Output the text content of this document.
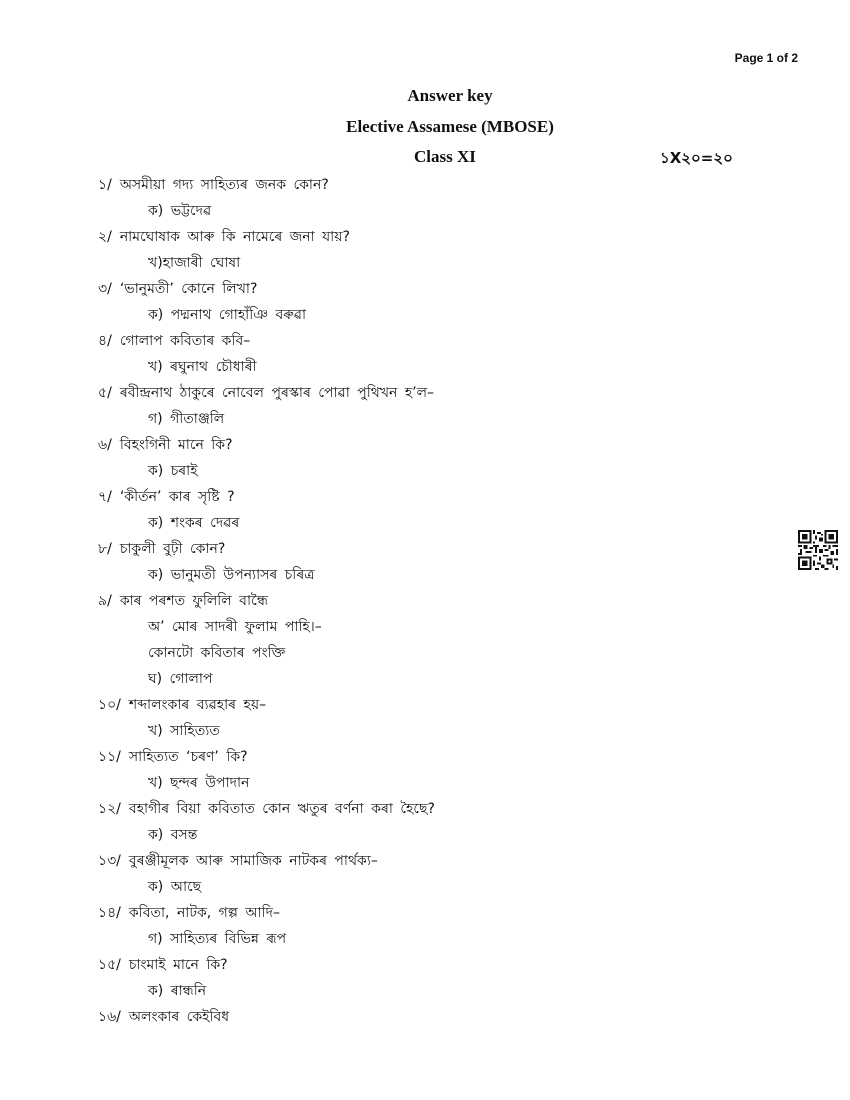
Page 1 of 2
Answer key
Elective Assamese (MBOSE)
Class XI	১X২০=২০
১/ অসমীয়া গদ্য সাহিত্যৰ জনক কোন?
ক) ভট্টদেৱ
২/ নামঘোষাক আৰু কি নামেৰে জনা যায়?
খ)হাজাৰী ঘোষা
৩/ ‘ভানুমতী’ কোনে লিখা?
ক) পদ্মনাথ গোহাঁঞি বৰুৱা
৪/ গোলাপ কবিতাৰ কবি–
খ) ৰঘুনাথ চৌধাৰী
৫/ ৰবীন্দ্ৰনাথ ঠাকুৰে নোবেল পুৰস্কাৰ পোৱা পুথিখন হ’ল–
গ) গীতাঞ্জলি
৬/ বিহংগিনী মানে কি?
ক) চৰাই
৭/ ‘কীৰ্তন’ কাৰ সৃষ্টি ?
ক) শংকৰ দেৱৰ
৮/ চাকুলী বুঢ়ী কোন?
ক) ভানুমতী উপন্যাসৰ চৰিত্ৰ
৯/ কাৰ পৰশত ফুলিলি বান্ধৈ
অ’ মোৰ সাদৰী ফুলাম পাহি।–
কোনটো কবিতাৰ পংক্তি
ঘ) গোলাপ
১০/ শব্দালংকাৰ ব্যৱহাৰ হয়–
খ) সাহিত্যত
১১/ সাহিত্যত ‘চৰণ’ কি?
খ) ছন্দৰ উপাদান
১২/ বহাগীৰ বিয়া কবিতাত কোন ঋতুৰ বৰ্ণনা কৰা হৈছে?
ক) বসন্ত
১৩/ বুৰঞ্জীমূলক আৰু সামাজিক নাটকৰ পাৰ্থক্য–
ক) আছে
১৪/ কবিতা, নাটক, গল্প আদি–
গ) সাহিত্যৰ বিভিন্ন ৰূপ
১৫/ চাংমাই মানে কি?
ক) ৰান্ধনি
১৬/ অলংকাৰ কেইবিধ
